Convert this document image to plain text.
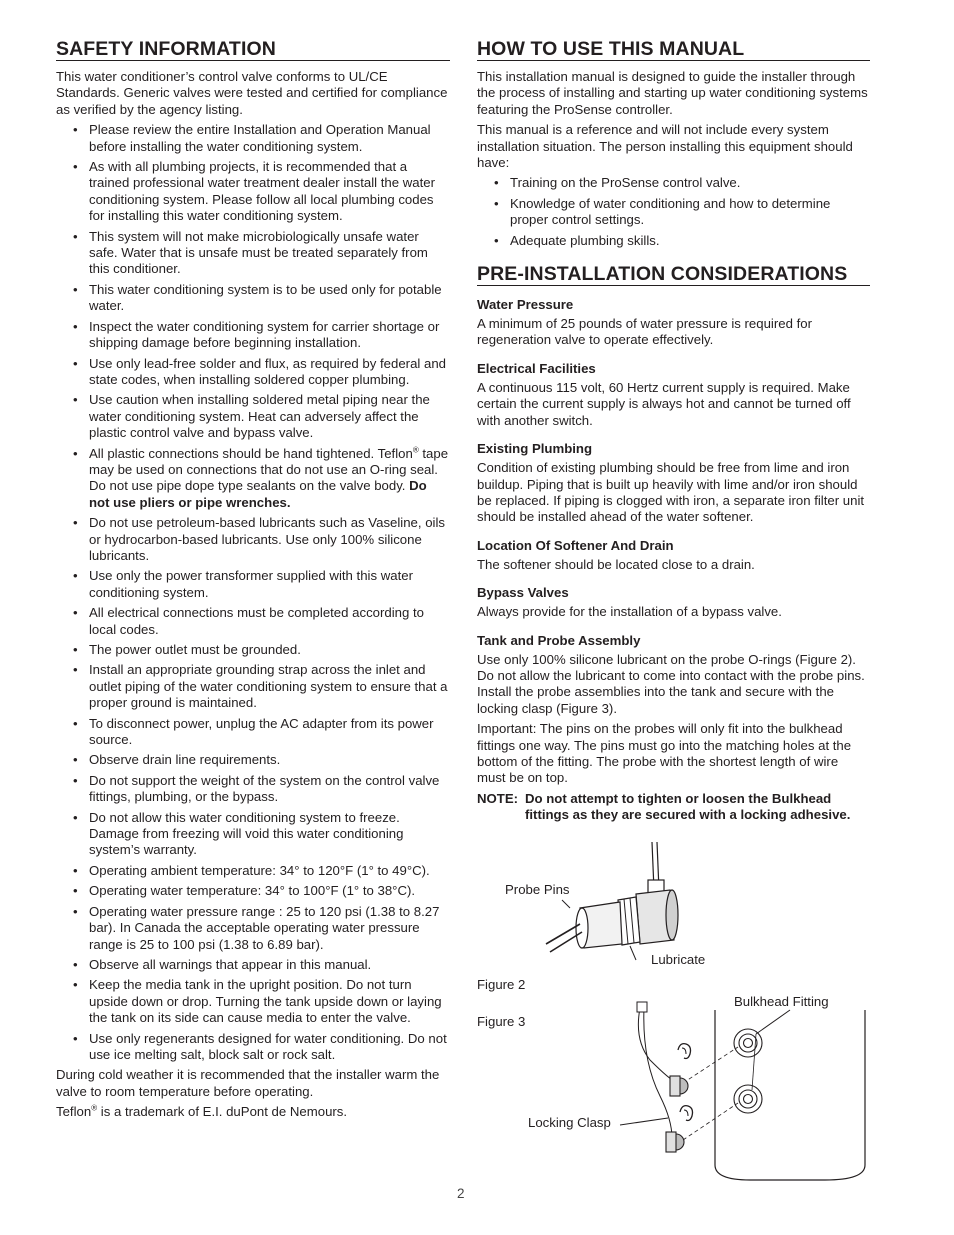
SAFETY INFORMATION

This water conditioner’s control valve conforms to UL/CE Standards. Generic valves were tested and certified for compliance as verified by the agency listing.

• Please review the entire Installation and Operation Manual before installing the water conditioning system.
• As with all plumbing projects, it is recommended that a trained professional water treatment dealer install the water conditioning system. Please follow all local plumbing codes for installing this water conditioning system.
• This system will not make microbiologically unsafe water safe. Water that is unsafe must be treated separately from this conditioner.
• This water conditioning system is to be used only for potable water.
• Inspect the water conditioning system for carrier shortage or shipping damage before beginning installation.
• Use only lead-free solder and flux, as required by federal and state codes, when installing soldered copper plumbing.
• Use caution when installing soldered metal piping near the water conditioning system. Heat can adversely affect the plastic control valve and bypass valve.
• All plastic connections should be hand tightened. Teflon® tape may be used on connections that do not use an O-ring seal. Do not use pipe dope type sealants on the valve body. Do not use pliers or pipe wrenches.
• Do not use petroleum-based lubricants such as Vaseline, oils or hydrocarbon-based lubricants. Use only 100% silicone lubricants.
• Use only the power transformer supplied with this water conditioning system.
• All electrical connections must be completed according to local codes.
• The power outlet must be grounded.
• Install an appropriate grounding strap across the inlet and outlet piping of the water conditioning system to ensure that a proper ground is maintained.
• To disconnect power, unplug the AC adapter from its power source.
• Observe drain line requirements.
• Do not support the weight of the system on the control valve fittings, plumbing, or the bypass.
• Do not allow this water conditioning system to freeze. Damage from freezing will void this water conditioning system’s warranty.
• Operating ambient temperature: 34° to 120°F (1° to 49°C).
• Operating water temperature: 34° to 100°F (1° to 38°C).
• Operating water pressure range : 25 to 120 psi (1.38 to 8.27 bar). In Canada the acceptable operating water pressure range is 25 to 100 psi (1.38 to 6.89 bar).
• Observe all warnings that appear in this manual.
• Keep the media tank in the upright position. Do not turn upside down or drop. Turning the tank upside down or laying the tank on its side can cause media to enter the valve.
• Use only regenerants designed for water conditioning. Do not use ice melting salt, block salt or rock salt.

During cold weather it is recommended that the installer warm the valve to room temperature before operating.

Teflon® is a trademark of E.I. duPont de Nemours.

HOW TO USE THIS MANUAL

This installation manual is designed to guide the installer through the process of installing and starting up water conditioning systems featuring the ProSense controller.

This manual is a reference and will not include every system installation situation. The person installing this equipment should have:

• Training on the ProSense control valve.
• Knowledge of water conditioning and how to determine proper control settings.
• Adequate plumbing skills.
PRE-INSTALLATION CONSIDERATIONS
Water Pressure

A minimum of 25 pounds of water pressure is required for regeneration valve to operate effectively.

Electrical Facilities

A continuous 115 volt, 60 Hertz current supply is required. Make certain the current supply is always hot and cannot be turned off with another switch.

Existing Plumbing

Condition of existing plumbing should be free from lime and iron buildup. Piping that is built up heavily with lime and/or iron should be replaced. If piping is clogged with iron, a separate iron filter unit should be installed ahead of the water softener.

Location Of Softener And Drain

The softener should be located close to a drain.

Bypass Valves

Always provide for the installation of a bypass valve.

Tank and Probe Assembly

Use only 100% silicone lubricant on the probe O-rings (Figure 2). Do not allow the lubricant to come into contact with the probe pins. Install the probe assemblies into the tank and secure with the locking clasp (Figure 3).

Important: The pins on the probes will only fit into the bulkhead fittings one way. The pins must go into the matching holes at the bottom of the fitting. The probe with the shortest length of wire must be on top.

NOTE: Do not attempt to tighten or loosen the Bulkhead fittings as they are secured with a locking adhesive.
Probe Pins
Lubricate
Figure 2
Figure 3
Bulkhead Fitting
Locking Clasp
2
